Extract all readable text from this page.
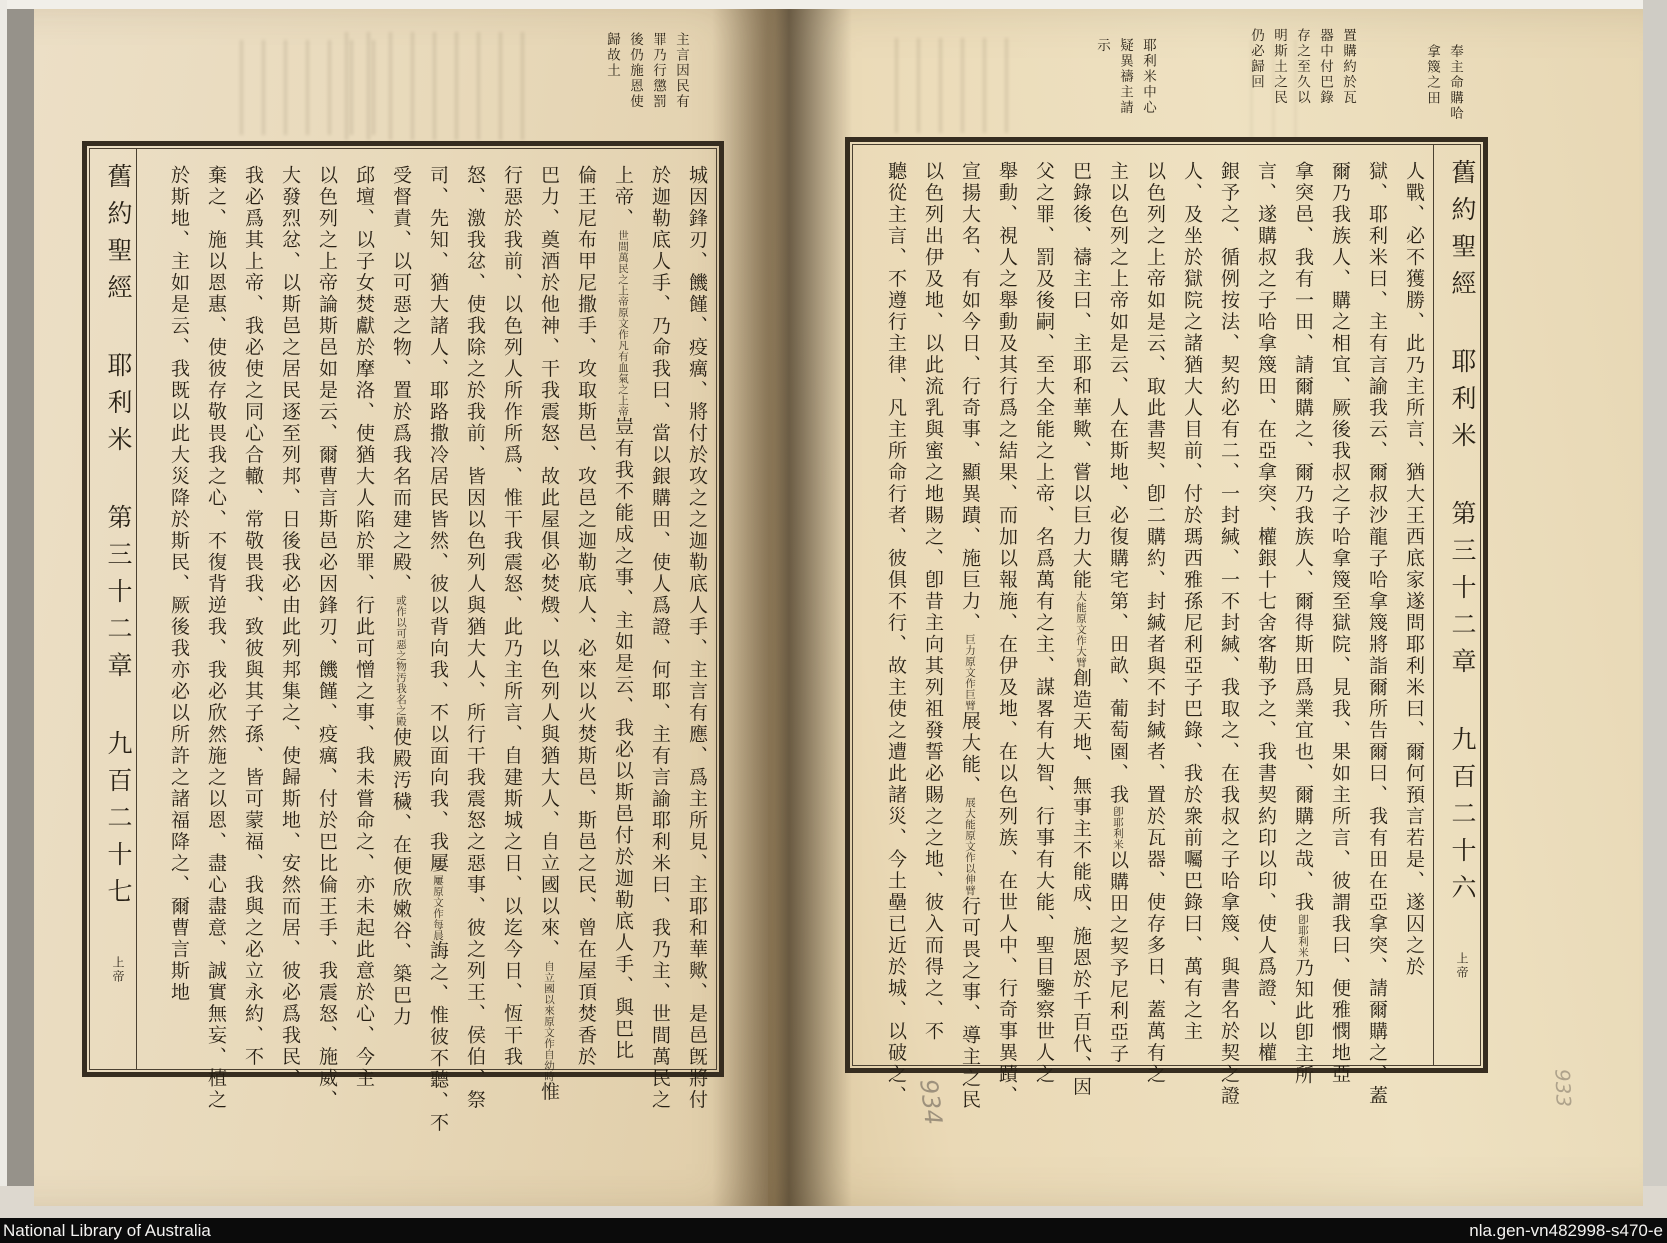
主言因民有

罪乃行懲罰

後仍施恩使

歸故土	奉主命購哈

拿篾之田

置購約於瓦

器中付巴錄

存之至久以

明斯土之民

仍必歸回

耶利米中心

疑異禱主請

示

舊約聖經 耶利米 第三十二章 九百二十七 上帝	城因鋒刃、饑饉、疫癘、將付於攻之之迦勒底人手、主言有應、爲主所見、主耶和華歟、是邑旣將付

於迦勒底人手、乃命我曰、當以銀購田、使人爲證、何耶、主有言諭耶利米曰、我乃主、世間萬民之

上帝、世間萬民之上帝原文作凡有血氣之上帝豈有我不能成之事、主如是云、我必以斯邑付於迦勒底人手、與巴比

倫王尼布甲尼撒手、攻取斯邑、攻邑之迦勒底人、必來以火焚斯邑、斯邑之民、曾在屋頂焚香於

巴力、奠酒於他神、干我震怒、故此屋俱必焚燬、以色列人與猶大人、自立國以來、自立國以來原文作自幼時惟

行惡於我前、以色列人所作所爲、惟干我震怒、此乃主所言、自建斯城之日、以迄今日、恆干我

怒、激我忿、使我除之於我前、皆因以色列人與猶大人、所行干我震怒之惡事、彼之列王、侯伯、祭

司、先知、猶大諸人、耶路撒冷居民皆然、彼以背向我、不以面向我、我屢屢原文作每晨誨之、惟彼不聽、不

受督責、以可惡之物、置於爲我名而建之殿、或作以可惡之物汚我名之殿使殿汚穢、在便欣嫩谷、築巴力

邱壇、以子女焚獻於摩洛、使猶大人陷於罪、行此可憎之事、我未嘗命之、亦未起此意於心、今主

以色列之上帝論斯邑如是云、爾曹言斯邑必因鋒刃、饑饉、疫癘、付於巴比倫王手、我震怒、施威、

大發烈忿、以斯邑之居民逐至列邦、日後我必由此列邦集之、使歸斯地、安然而居、彼必爲我民、

我必爲其上帝、我必使之同心合轍、常敬畏我、致彼與其子孫、皆可蒙福、我與之必立永約、不

棄之、施以恩惠、使彼存敬畏我之心、不復背逆我、我必欣然施之以恩、盡心盡意、誠實無妄、植之

於斯地、主如是云、我既以此大災降於斯民、厥後我亦必以所許之諸福降之、爾曹言斯地	人戰、必不獲勝、此乃主所言、猶大王西底家遂問耶利米曰、爾何預言若是、遂囚之於

獄、耶利米曰、主有言諭我云、爾叔沙龍子哈拿篾將詣爾所告爾曰、我有田在亞拿突、請爾購之、蓋

爾乃我族人、購之相宜、厥後我叔之子哈拿篾至獄院、見我、果如主所言、彼謂我曰、便雅憫地亞

拿突邑、我有一田、請爾購之、爾乃我族人、爾得斯田爲業宜也、爾購之哉、我卽耶利米乃知此卽主所

言、遂購叔之子哈拿篾田、在亞拿突、權銀十七舍客勒予之、我書契約印以印、使人爲證、以權

銀予之、循例按法、契約必有二、一封緘、一不封緘、我取之、在我叔之子哈拿篾、與書名於契之證

人、及坐於獄院之諸猶大人目前、付於瑪西雅孫尼利亞子巴錄、我於衆前囑巴錄曰、萬有之主

以色列之上帝如是云、取此書契、卽二購約、封緘者與不封緘者、置於瓦器、使存多日、蓋萬有之

主以色列之上帝如是云、人在斯地、必復購宅第、田畝、葡萄園、我卽耶利米以購田之契予尼利亞子

巴錄後、禱主曰、主耶和華歟、嘗以巨力大能大能原文作大臂創造天地、無事主不能成、施恩於千百代、因

父之罪、罰及後嗣、至大全能之上帝、名爲萬有之主、謀畧有大智、行事有大能、聖目鑒察世人之

舉動、視人之舉動及其行爲之結果、而加以報施、在伊及地、在以色列族、在世人中、行奇事異蹟、

宣揚大名、有如今日、行奇事、顯異蹟、施巨力、巨力原文作巨臂展大能、展大能原文作以伸臂行可畏之事、導主之民

以色列出伊及地、以此流乳與蜜之地賜之、卽昔主向其列祖發誓必賜之之地、彼入而得之、不

聽從主言、不遵行主律、凡主所命行者、彼俱不行、故主使之遭此諸災、今土壘已近於城、以破之、	舊約聖經 耶利米 第三十二章 九百二十六 上帝
934	933
National Library of Australia	nla.gen-vn482998-s470-e
